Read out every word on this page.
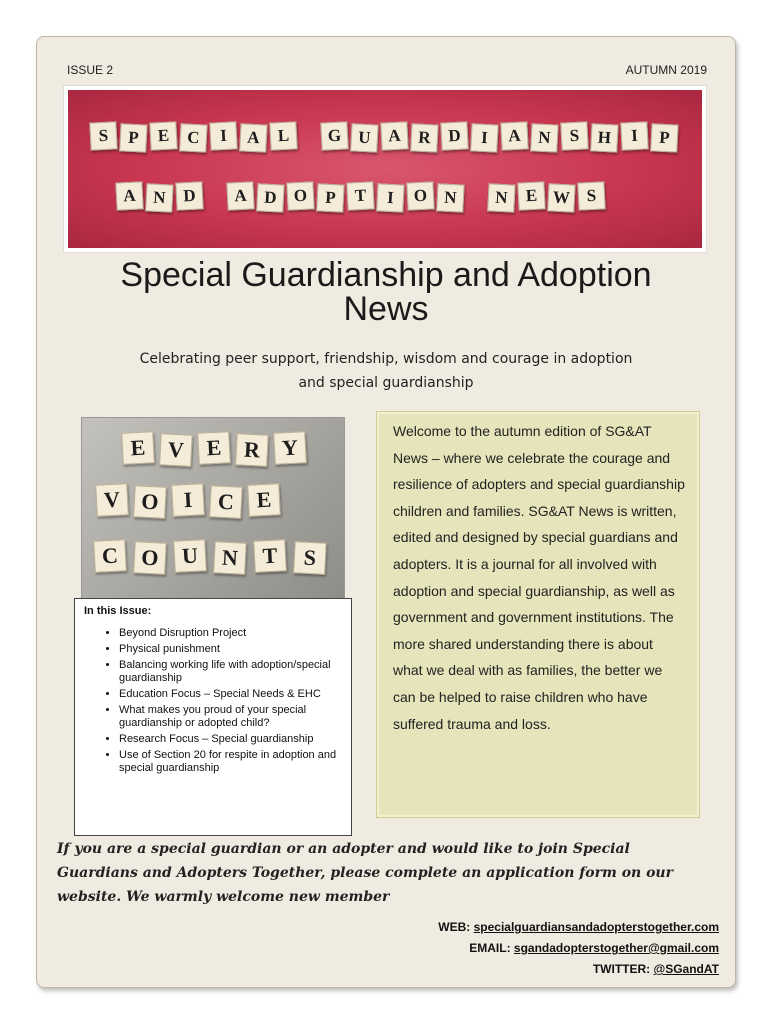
ISSUE 2	AUTUMN 2019
S	P	E	C	I	A	L	G U A R D	I	A N	S	H	I	P
A N D	A D O	P	T	I	O N	N	E W S
Special Guardianship and Adoption News
Celebrating peer support, friendship, wisdom and courage in adoption and special guardianship
E V E R Y
V O	I	C E
C	O	U	N	T	S
In this Issue:
• Beyond Disruption Project
• Physical punishment
• Balancing working life with adoption/special guardianship
• Education Focus – Special Needs & EHC
• What makes you proud of your special guardianship or adopted child?
• Research Focus – Special guardianship
• Use of Section 20 for respite in adoption and special guardianship

Welcome to the autumn edition of SG&AT News – where we celebrate the courage and resilience of adopters and special guardianship children and families. SG&AT News is written, edited and designed by special guardians and adopters. It is a journal for all involved with adoption and special guardianship, as well as government and government institutions. The more shared understanding there is about what we deal with as families, the better we can be helped to raise children who have suffered trauma and loss.

If you are a special guardian or an adopter and would like to join Special Guardians and Adopters Together, please complete an application form on our website. We warmly welcome new member
WEB: specialguardiansandadopterstogether.com
EMAIL: sgandadopterstogether@gmail.com
TWITTER: @SGandAT
